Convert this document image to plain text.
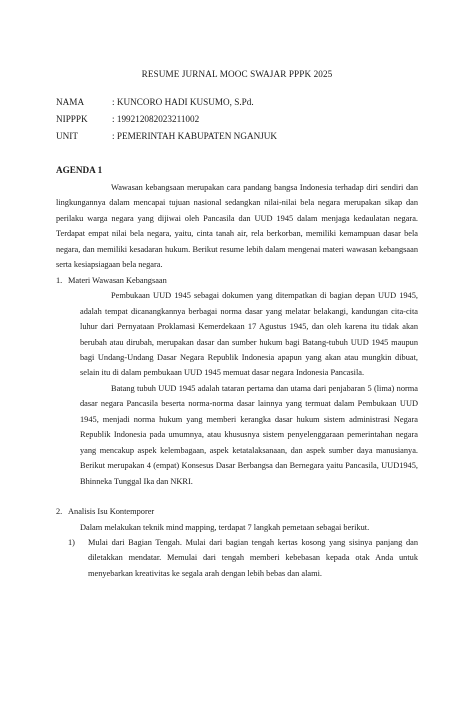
RESUME JURNAL MOOC SWAJAR PPPK 2025
NAMA	: KUNCORO HADI KUSUMO, S.Pd.
NIPPPK	: 199212082023211002
UNIT	: PEMERINTAH KABUPATEN NGANJUK
AGENDA 1

Wawasan kebangsaan merupakan cara pandang bangsa Indonesia terhadap diri sendiri dan lingkungannya dalam mencapai tujuan nasional sedangkan nilai-nilai bela negara merupakan sikap dan perilaku warga negara yang dijiwai oleh Pancasila dan UUD 1945 dalam menjaga kedaulatan negara. Terdapat empat nilai bela negara, yaitu, cinta tanah air, rela berkorban, memiliki kemampuan dasar bela negara, dan memiliki kesadaran hukum. Berikut resume lebih dalam mengenai materi wawasan kebangsaan serta kesiapsiagaan bela negara.

1. Materi Wawasan Kebangsaan

Pembukaan UUD 1945 sebagai dokumen yang ditempatkan di bagian depan UUD 1945, adalah tempat dicanangkannya berbagai norma dasar yang melatar belakangi, kandungan cita-cita luhur dari Pernyataan Proklamasi Kemerdekaan 17 Agustus 1945, dan oleh karena itu tidak akan berubah atau dirubah, merupakan dasar dan sumber hukum bagi Batang-tubuh UUD 1945 maupun bagi Undang-Undang Dasar Negara Republik Indonesia apapun yang akan atau mungkin dibuat, selain itu di dalam pembukaan UUD 1945 memuat dasar negara Indonesia Pancasila.

Batang tubuh UUD 1945 adalah tataran pertama dan utama dari penjabaran 5 (lima) norma dasar negara Pancasila beserta norma-norma dasar lainnya yang termuat dalam Pembukaan UUD 1945, menjadi norma hukum yang memberi kerangka dasar hukum sistem administrasi Negara Republik Indonesia pada umumnya, atau khususnya sistem penyelenggaraan pemerintahan negara yang mencakup aspek kelembagaan, aspek ketatalaksanaan, dan aspek sumber daya manusianya. Berikut merupakan 4 (empat) Konsesus Dasar Berbangsa dan Bernegara yaitu Pancasila, UUD1945, Bhinneka Tunggal Ika dan NKRI.

2. Analisis Isu Kontemporer

Dalam melakukan teknik mind mapping, terdapat 7 langkah pemetaan sebagai berikut.

1)	Mulai dari Bagian Tengah. Mulai dari bagian tengah kertas kosong yang sisinya panjang dan diletakkan mendatar. Memulai dari tengah memberi kebebasan kepada otak Anda untuk menyebarkan kreativitas ke segala arah dengan lebih bebas dan alami.
